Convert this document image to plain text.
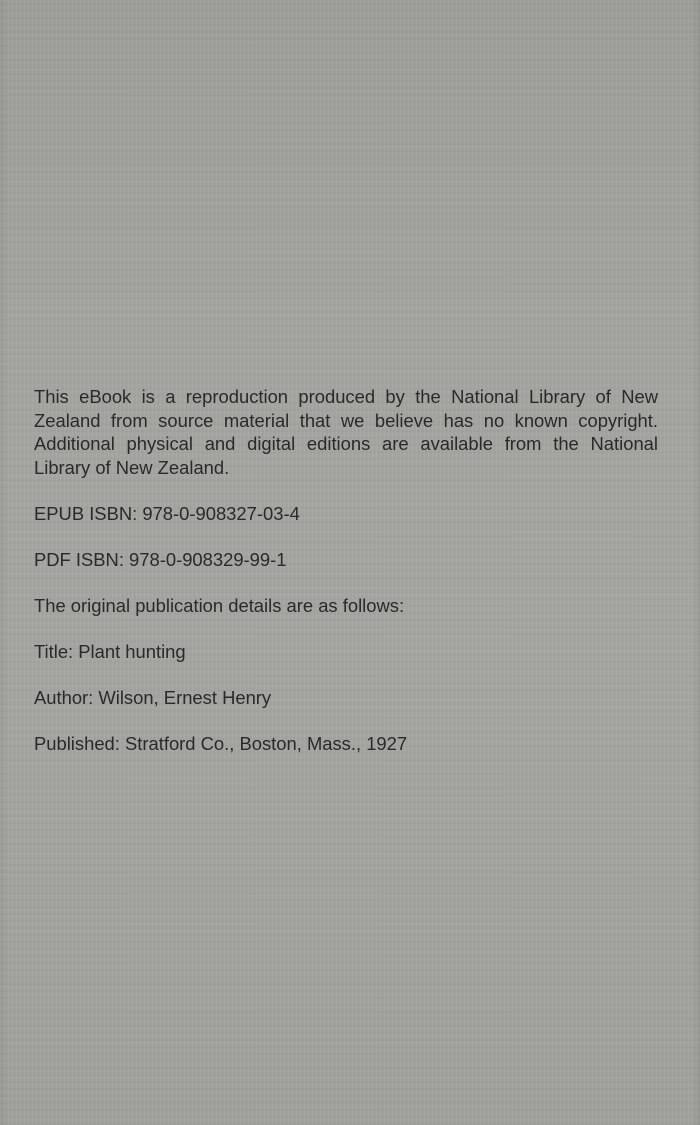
This eBook is a reproduction produced by the National Library of New Zealand from source material that we believe has no known copyright. Additional physical and digital editions are available from the National Library of New Zealand.

EPUB ISBN: 978-0-908327-03-4

PDF ISBN: 978-0-908329-99-1

The original publication details are as follows:

Title: Plant hunting

Author: Wilson, Ernest Henry

Published: Stratford Co., Boston, Mass., 1927
